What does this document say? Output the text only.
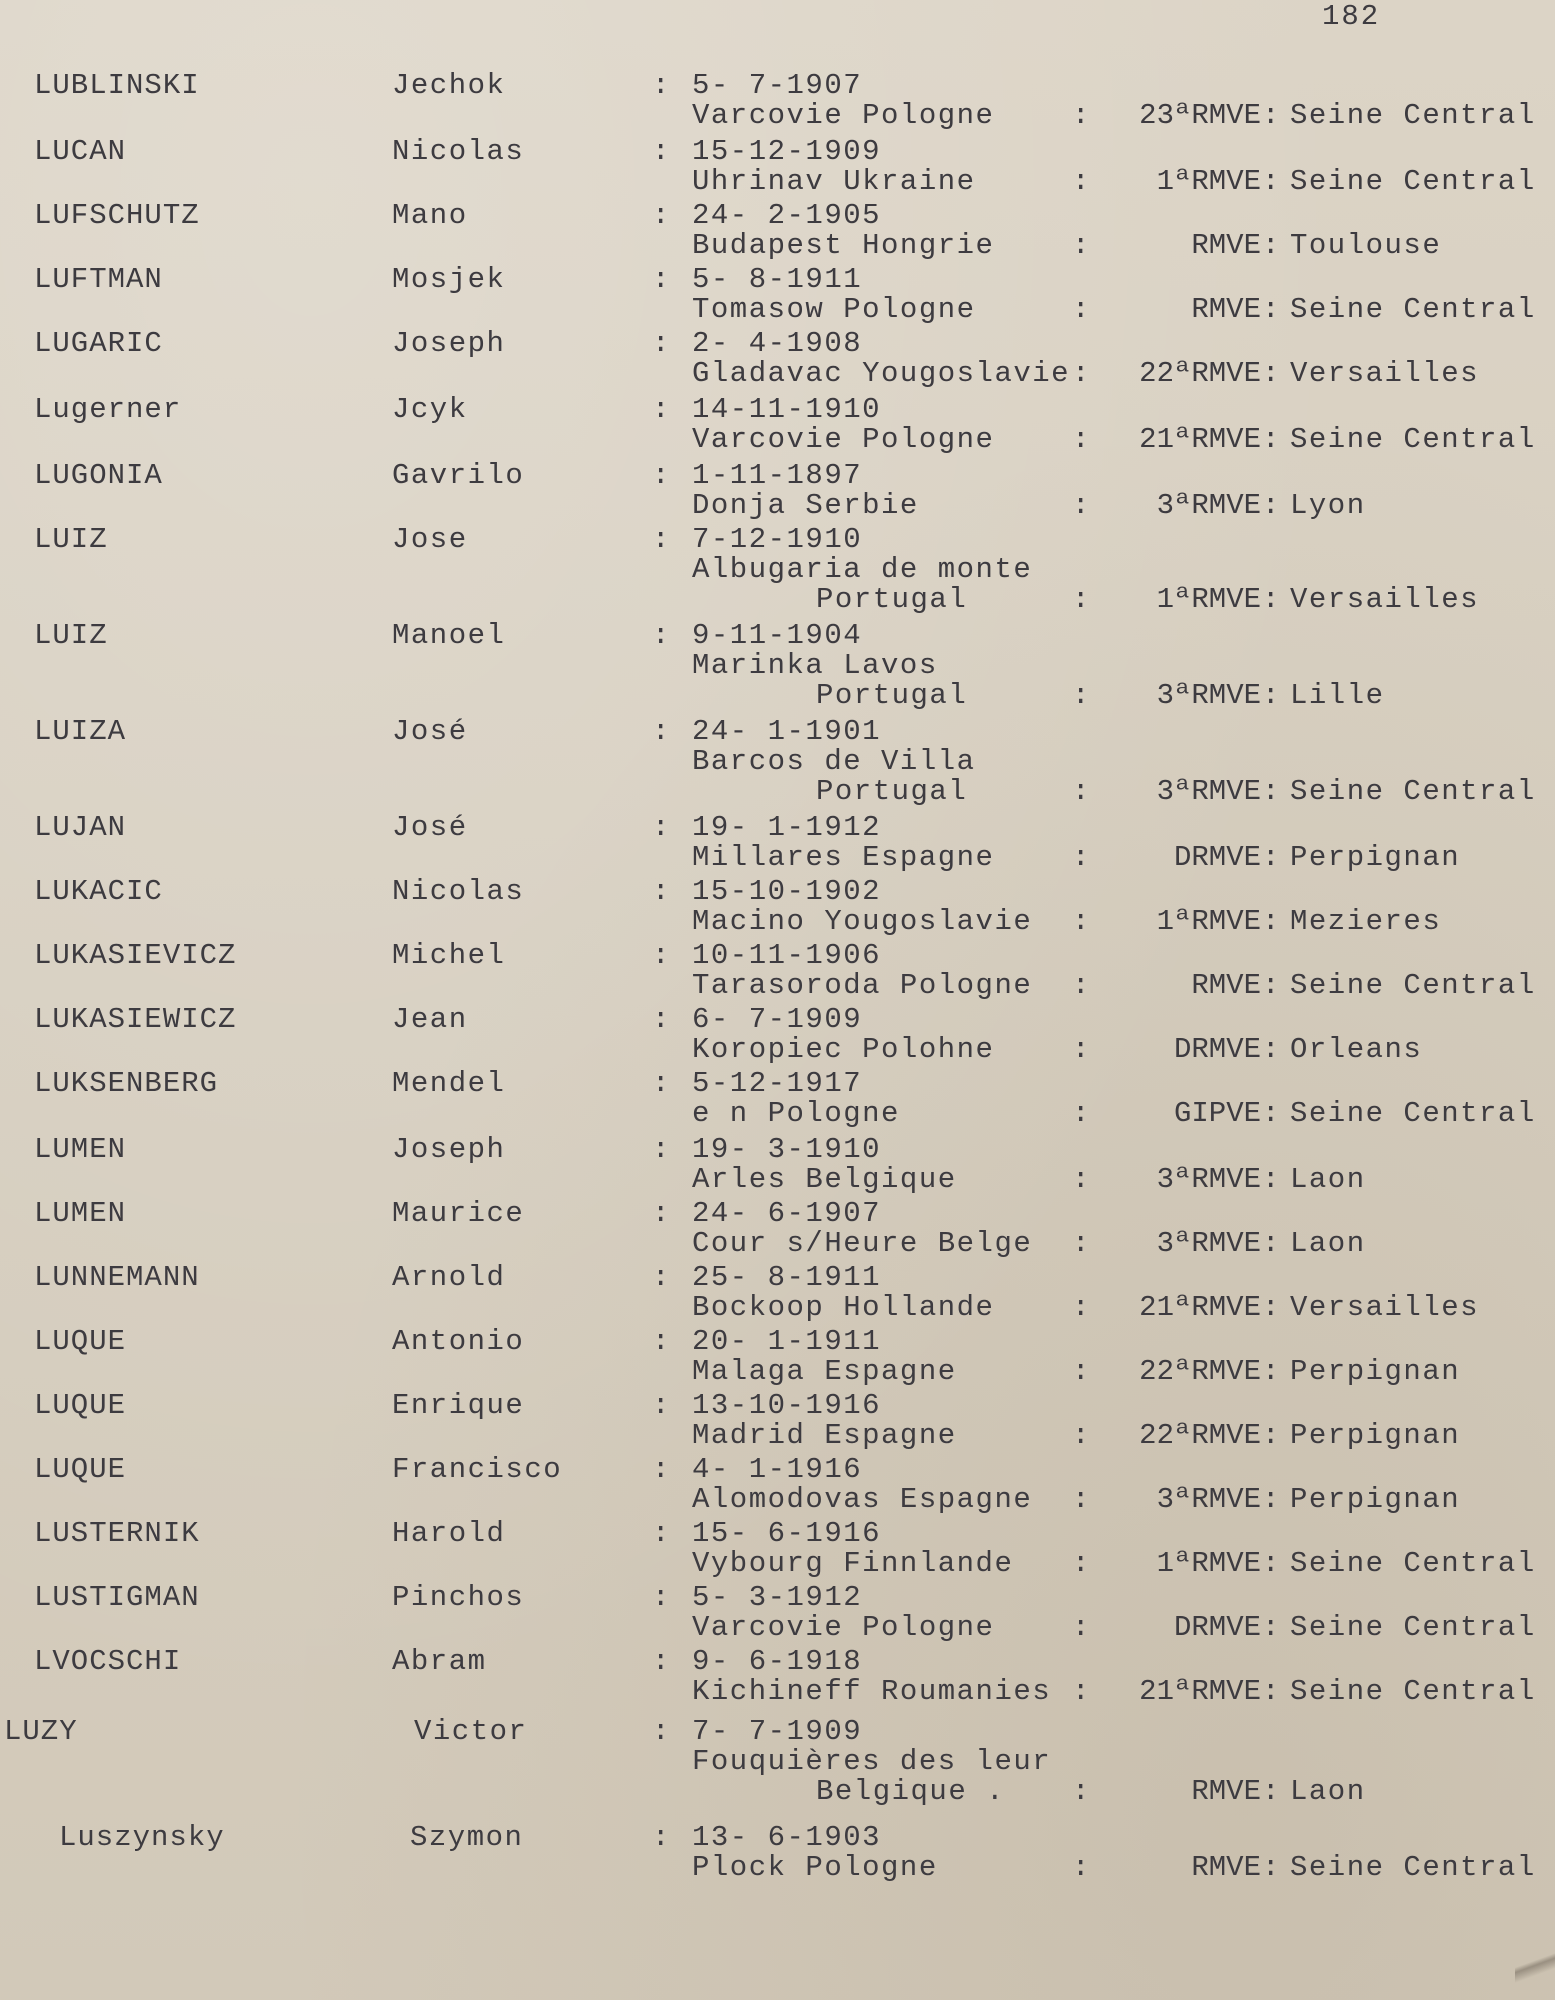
182
LUBLINSKI	Jechok	: 5- 7-1907
Varcovie Pologne	:	23ªRMVE : Seine Central
LUCAN	Nicolas	: 15-12-1909
Uhrinav Ukraine	:	1ªRMVE : Seine Central
LUFSCHUTZ	Mano	: 24- 2-1905
Budapest Hongrie	:	RMVE : Toulouse
LUFTMAN	Mosjek	: 5- 8-1911
Tomasow Pologne	:	RMVE : Seine Central
LUGARIC	Joseph	: 2- 4-1908
Gladavac Yougoslavie :	22ªRMVE : Versailles
Lugerner	Jcyk	: 14-11-1910
Varcovie Pologne	:	21ªRMVE : Seine Central
LUGONIA	Gavrilo	: 1-11-1897
Donja Serbie	:	3ªRMVE : Lyon
LUIZ	Jose	: 7-12-1910
Albugaria de monte
Portugal	:	1ªRMVE : Versailles
LUIZ	Manoel	: 9-11-1904
Marinka Lavos
Portugal	:	3ªRMVE : Lille
LUIZA	José	: 24- 1-1901
Barcos de Villa
Portugal	:	3ªRMVE : Seine Central
LUJAN	José	: 19- 1-1912
Millares Espagne	:	DRMVE : Perpignan
LUKACIC	Nicolas	: 15-10-1902
Macino Yougoslavie :	1ªRMVE : Mezieres
LUKASIEVICZ	Michel	: 10-11-1906
Tarasoroda Pologne :	RMVE : Seine Central
LUKASIEWICZ	Jean	: 6- 7-1909
Koropiec Polohne	:	DRMVE : Orleans
LUKSENBERG	Mendel	: 5-12-1917
e n Pologne	:	GIPVE : Seine Central
LUMEN	Joseph	: 19- 3-1910
Arles Belgique	:	3ªRMVE : Laon
LUMEN	Maurice	: 24- 6-1907
Cour s/Heure Belge :	3ªRMVE : Laon
LUNNEMANN	Arnold	: 25- 8-1911
Bockoop Hollande	:	21ªRMVE : Versailles
LUQUE	Antonio	: 20- 1-1911
Malaga Espagne	:	22ªRMVE : Perpignan
LUQUE	Enrique	: 13-10-1916
Madrid Espagne	:	22ªRMVE : Perpignan
LUQUE	Francisco	: 4- 1-1916
Alomodovas Espagne :	3ªRMVE : Perpignan
LUSTERNIK	Harold	: 15- 6-1916
Vybourg Finnlande :	1ªRMVE : Seine Central
LUSTIGMAN	Pinchos	: 5- 3-1912
Varcovie Pologne	:	DRMVE : Seine Central
LVOCSCHI	Abram	: 9- 6-1918
Kichineff Roumanies :	21ªRMVE : Seine Central
LUZY	Victor	: 7- 7-1909
Fouquières des leur
Belgique . :	RMVE : Laon
Luszynsky	Szymon	: 13- 6-1903
Plock Pologne	:	RMVE : Seine Central
